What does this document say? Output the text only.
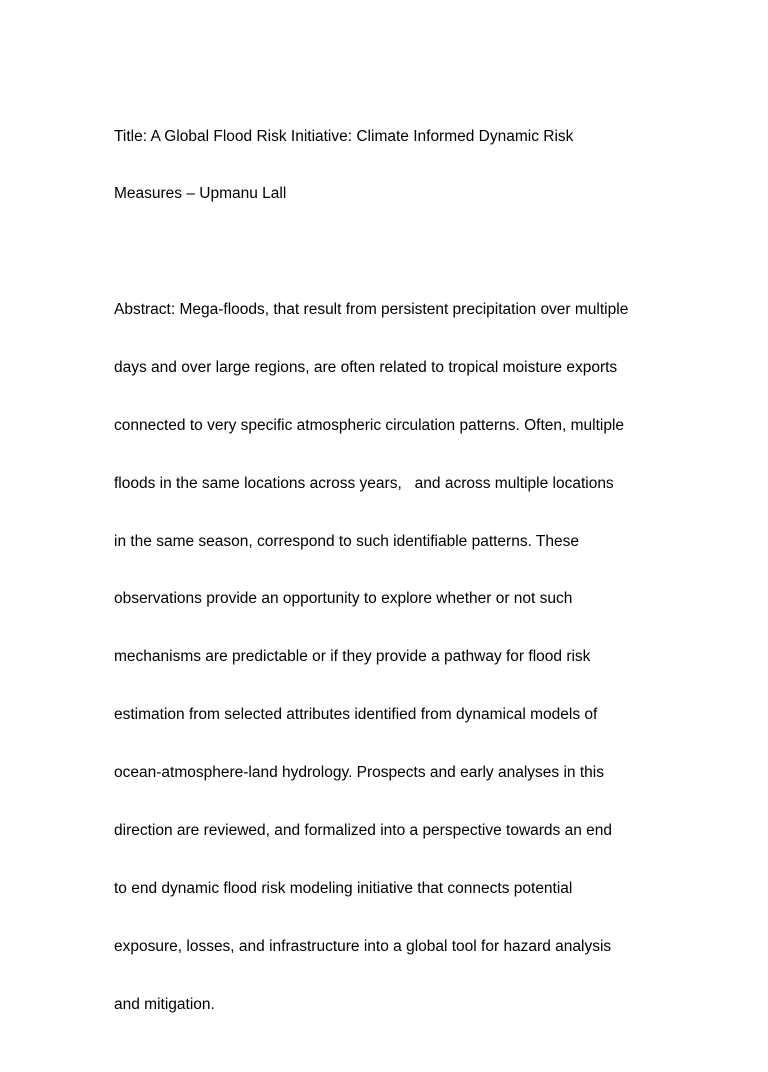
Title: A Global Flood Risk Initiative: Climate Informed Dynamic Risk

Measures – Upmanu Lall

Abstract: Mega-floods, that result from persistent precipitation over multiple

days and over large regions, are often related to tropical moisture exports

connected to very specific atmospheric circulation patterns. Often, multiple

floods in the same locations across years,   and across multiple locations

in the same season, correspond to such identifiable patterns. These

observations provide an opportunity to explore whether or not such

mechanisms are predictable or if they provide a pathway for flood risk

estimation from selected attributes identified from dynamical models of

ocean-atmosphere-land hydrology. Prospects and early analyses in this

direction are reviewed, and formalized into a perspective towards an end

to end dynamic flood risk modeling initiative that connects potential

exposure, losses, and infrastructure into a global tool for hazard analysis

and mitigation.
